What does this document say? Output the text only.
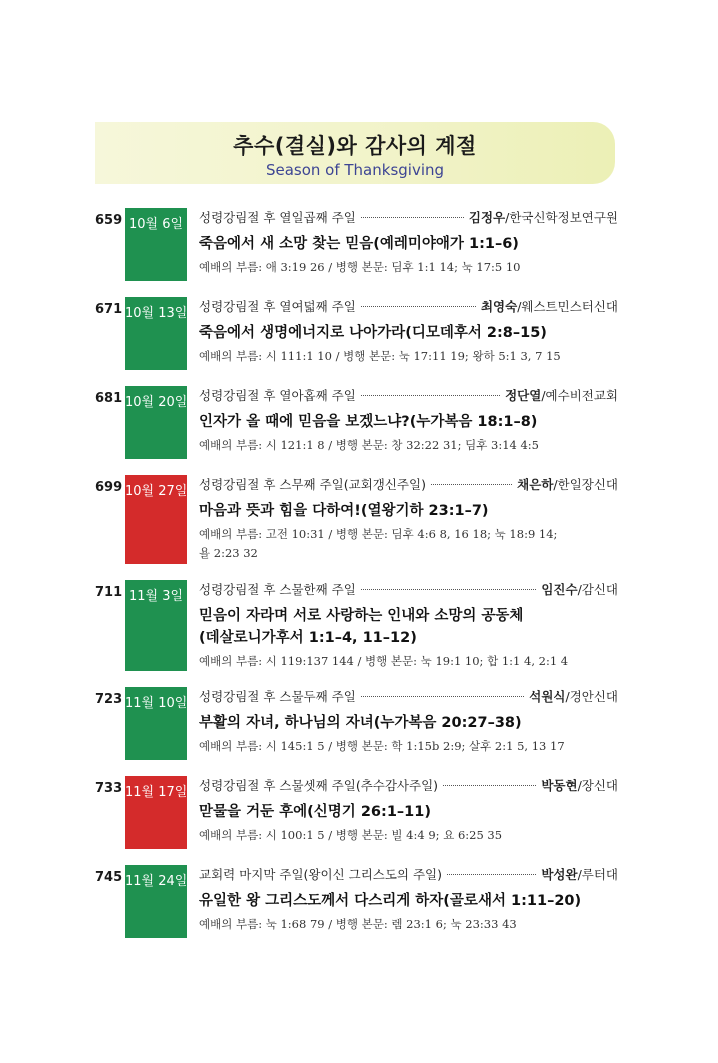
추수(결실)와 감사의 계절
Season of Thanksgiving
659 10월 6일	성령강림절 후 열일곱째 주일	김정우/한국신학정보연구원
죽음에서 새 소망 찾는 믿음(예레미야애가 1:1–6)
예배의 부름: 애 3:19 26 / 병행 본문: 딤후 1:1 14; 눅 17:5 10
671 10월 13일 성령강림절 후 열여덟째 주일	최영숙/웨스트민스터신대
죽음에서 생명에너지로 나아가라(디모데후서 2:8–15)
예배의 부름: 시 111:1 10 / 병행 본문: 눅 17:11 19; 왕하 5:1 3, 7 15
681 10월 20일 성령강림절 후 열아홉째 주일	정단열/예수비전교회
인자가 올 때에 믿음을 보겠느냐?(누가복음 18:1–8)
예배의 부름: 시 121:1 8 / 병행 본문: 창 32:22 31; 딤후 3:14 4:5
699 10월 27일 성령강림절 후 스무째 주일(교회갱신주일)	채은하/한일장신대
마음과 뜻과 힘을 다하여!(열왕기하 23:1–7)
예배의 부름: 고전 10:31 / 병행 본문: 딤후 4:6 8, 16 18; 눅 18:9 14;
욜 2:23 32
711 11월 3일	성령강림절 후 스물한째 주일	임진수/감신대
믿음이 자라며 서로 사랑하는 인내와 소망의 공동체
(데살로니가후서 1:1–4, 11–12)
예배의 부름: 시 119:137 144 / 병행 본문: 눅 19:1 10; 합 1:1 4, 2:1 4
723 11월 10일 성령강림절 후 스물두째 주일	석원식/경안신대
부활의 자녀, 하나님의 자녀(누가복음 20:27–38)
예배의 부름: 시 145:1 5 / 병행 본문: 학 1:15b 2:9; 살후 2:1 5, 13 17
733 11월 17일 성령강림절 후 스물셋째 주일(추수감사주일)	박동현/장신대
맏물을 거둔 후에(신명기 26:1–11)
예배의 부름: 시 100:1 5 / 병행 본문: 빌 4:4 9; 요 6:25 35
745 11월 24일 교회력 마지막 주일(왕이신 그리스도의 주일)	박성완/루터대
유일한 왕 그리스도께서 다스리게 하자(골로새서 1:11–20)
예배의 부름: 눅 1:68 79 / 병행 본문: 렘 23:1 6; 눅 23:33 43
